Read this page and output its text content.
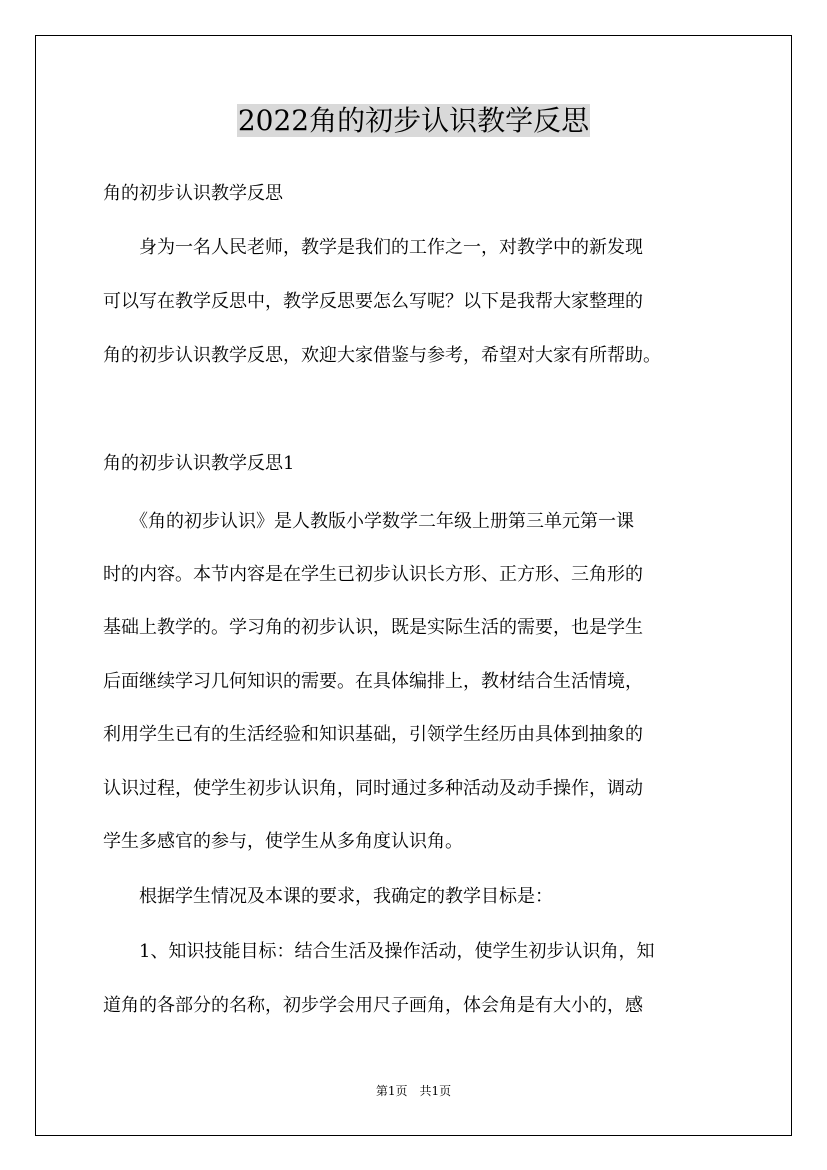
2022角的初步认识教学反思
角的初步认识教学反思
　　身为一名人民老师，教学是我们的工作之一，对教学中的新发现
可以写在教学反思中，教学反思要怎么写呢？以下是我帮大家整理的
角的初步认识教学反思，欢迎大家借鉴与参考，希望对大家有所帮助。
角的初步认识教学反思1
　　《角的初步认识》是人教版小学数学二年级上册第三单元第一课
时的内容。本节内容是在学生已初步认识长方形、正方形、三角形的
基础上教学的。学习角的初步认识，既是实际生活的需要，也是学生
后面继续学习几何知识的需要。在具体编排上，教材结合生活情境，
利用学生已有的生活经验和知识基础，引领学生经历由具体到抽象的
认识过程，使学生初步认识角，同时通过多种活动及动手操作，调动
学生多感官的参与，使学生从多角度认识角。
　　根据学生情况及本课的要求，我确定的教学目标是：
　　1、知识技能目标：结合生活及操作活动，使学生初步认识角，知
道角的各部分的名称，初步学会用尺子画角，体会角是有大小的，感
第1页　共1页
